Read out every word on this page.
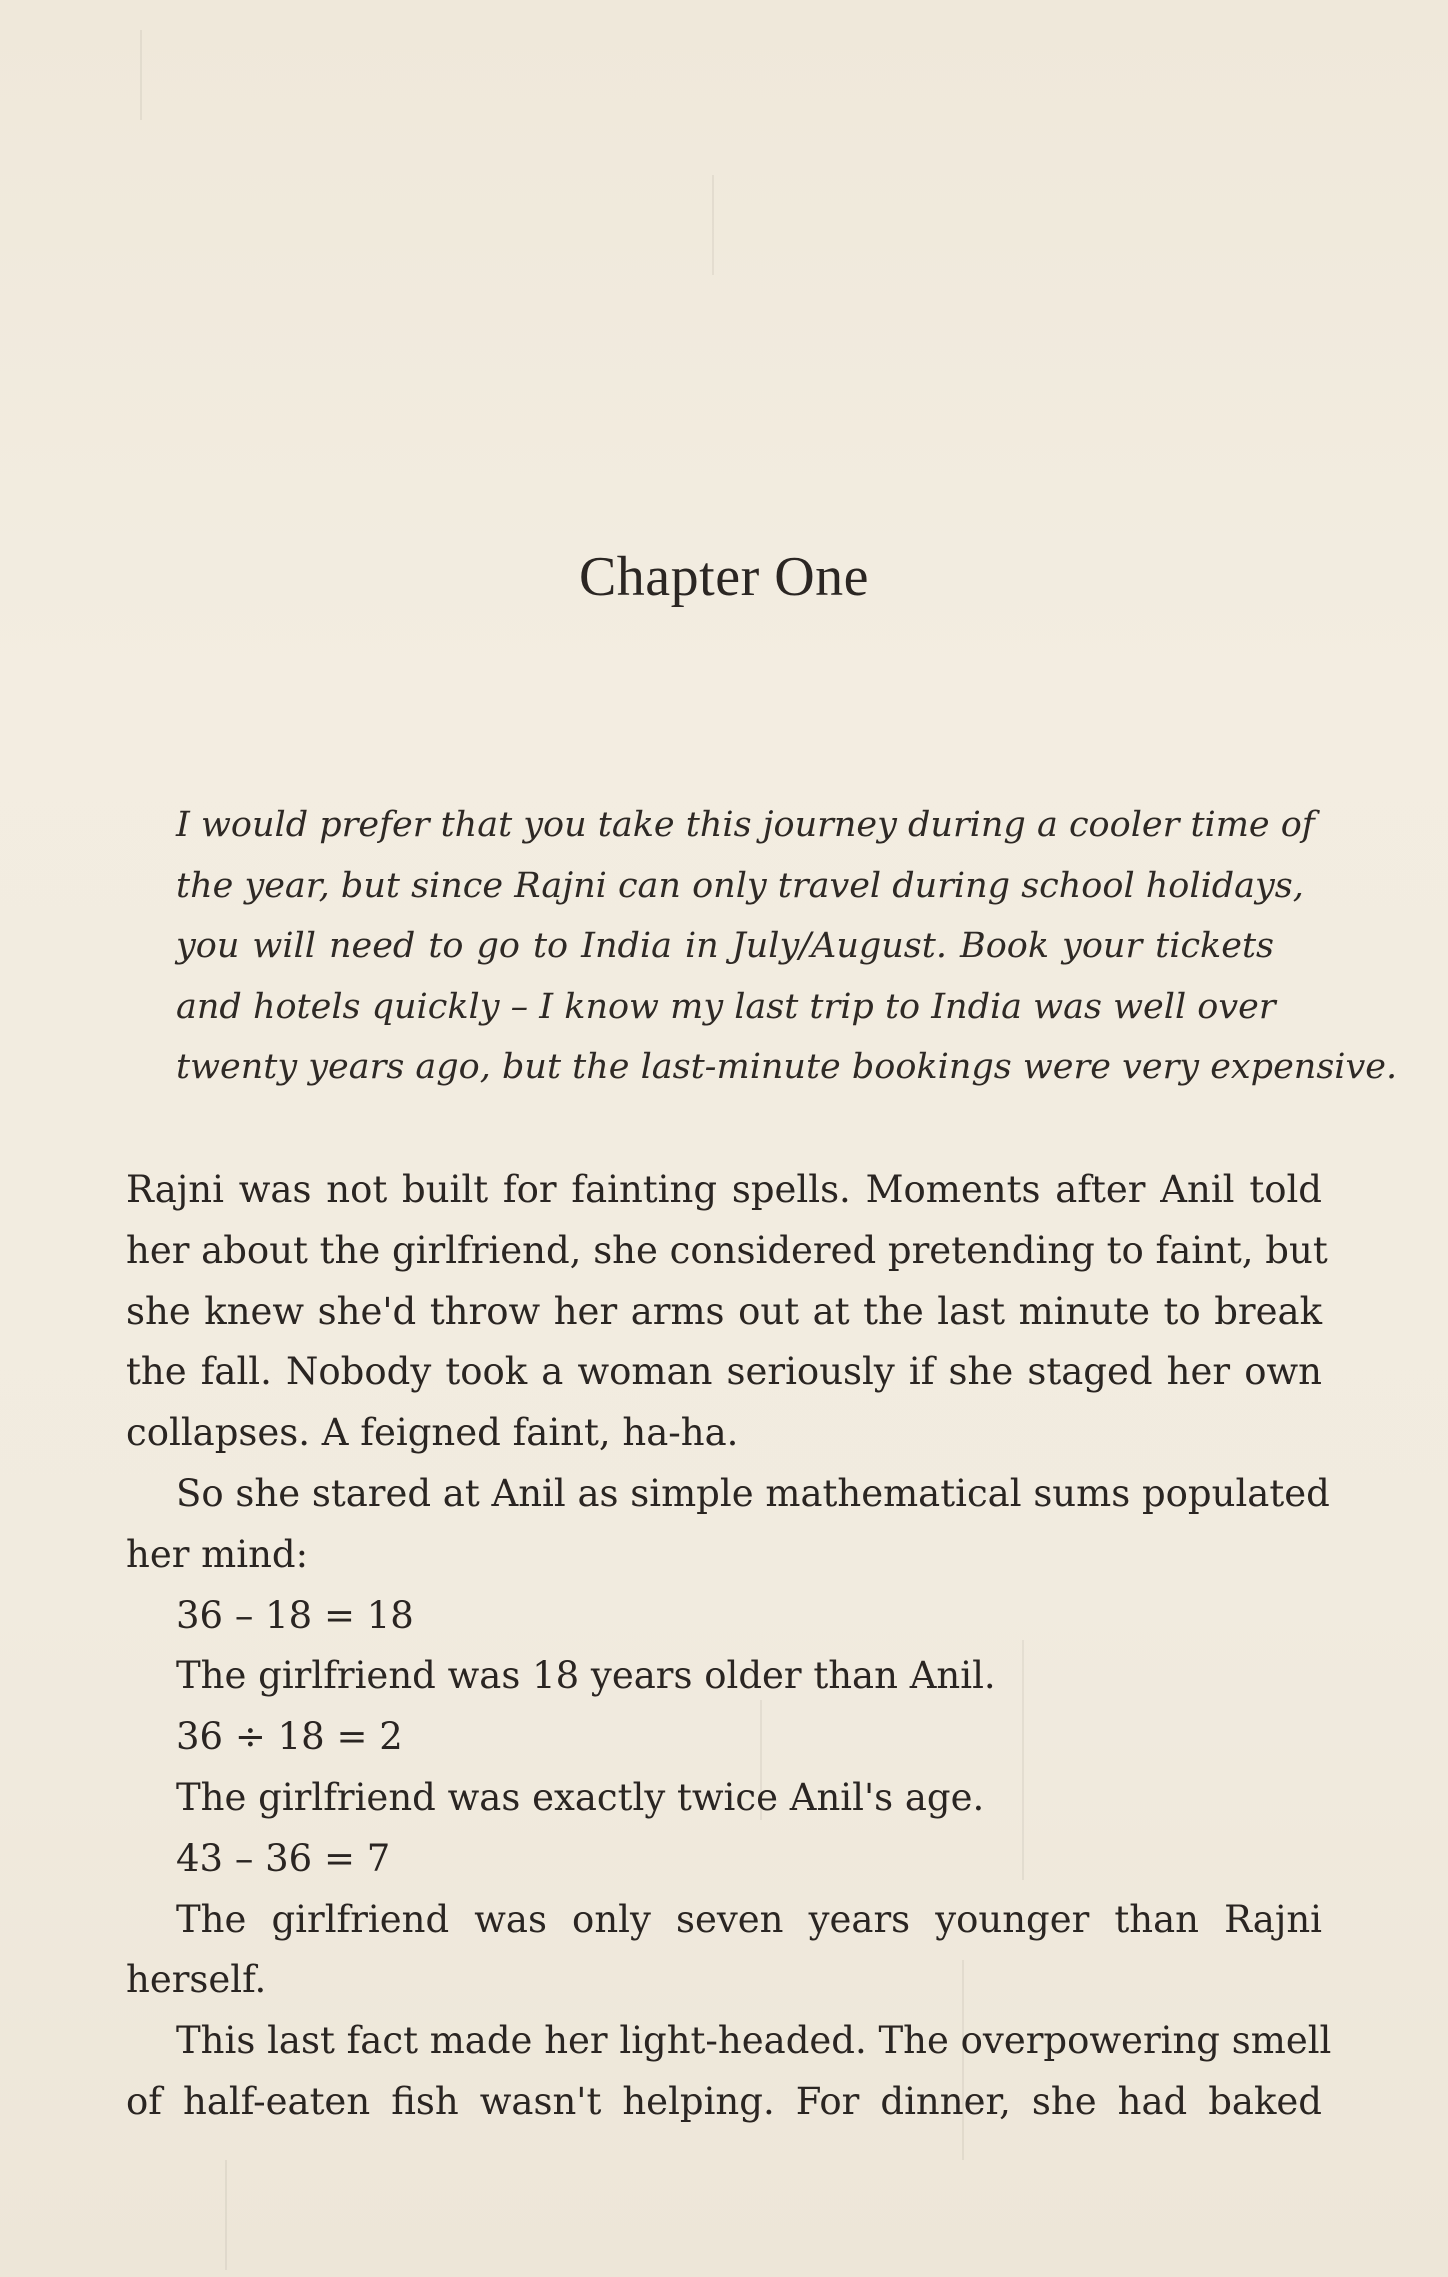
Chapter One
I would prefer that you take this journey during a cooler time of
the year, but since Rajni can only travel during school holidays,
you will need to go to India in July/August. Book your tickets
and hotels quickly – I know my last trip to India was well over
twenty years ago, but the last-minute bookings were very expensive.
Rajni was not built for fainting spells. Moments after Anil told
her about the girlfriend, she considered pretending to faint, but
she knew she'd throw her arms out at the last minute to break
the fall. Nobody took a woman seriously if she staged her own
collapses. A feigned faint, ha-ha.
So she stared at Anil as simple mathematical sums populated
her mind:
36 – 18 = 18
The girlfriend was 18 years older than Anil.
36 ÷ 18 = 2
The girlfriend was exactly twice Anil's age.
43 – 36 = 7
The girlfriend was only seven years younger than Rajni
herself.
This last fact made her light-headed. The overpowering smell
of half-eaten fish wasn't helping. For dinner, she had baked
